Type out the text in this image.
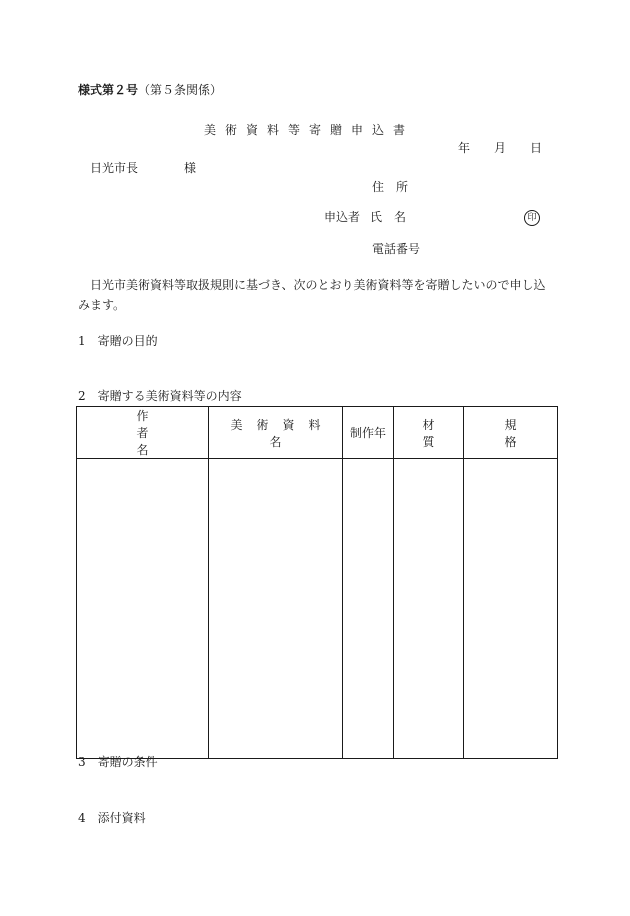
様式第２号（第５条関係）
美術資料等寄贈申込書
年 月 日
日光市長	様
住　所
申込者 氏　名	印
電話番号
日光市美術資料等取扱規則に基づき、次のとおり美術資料等を寄贈したいので申し込みます。
1　寄贈の目的
2　寄贈する美術資料等の内容
作者名	美術資料名	制作年	材質	規格

3　寄贈の条件
4　添付資料
